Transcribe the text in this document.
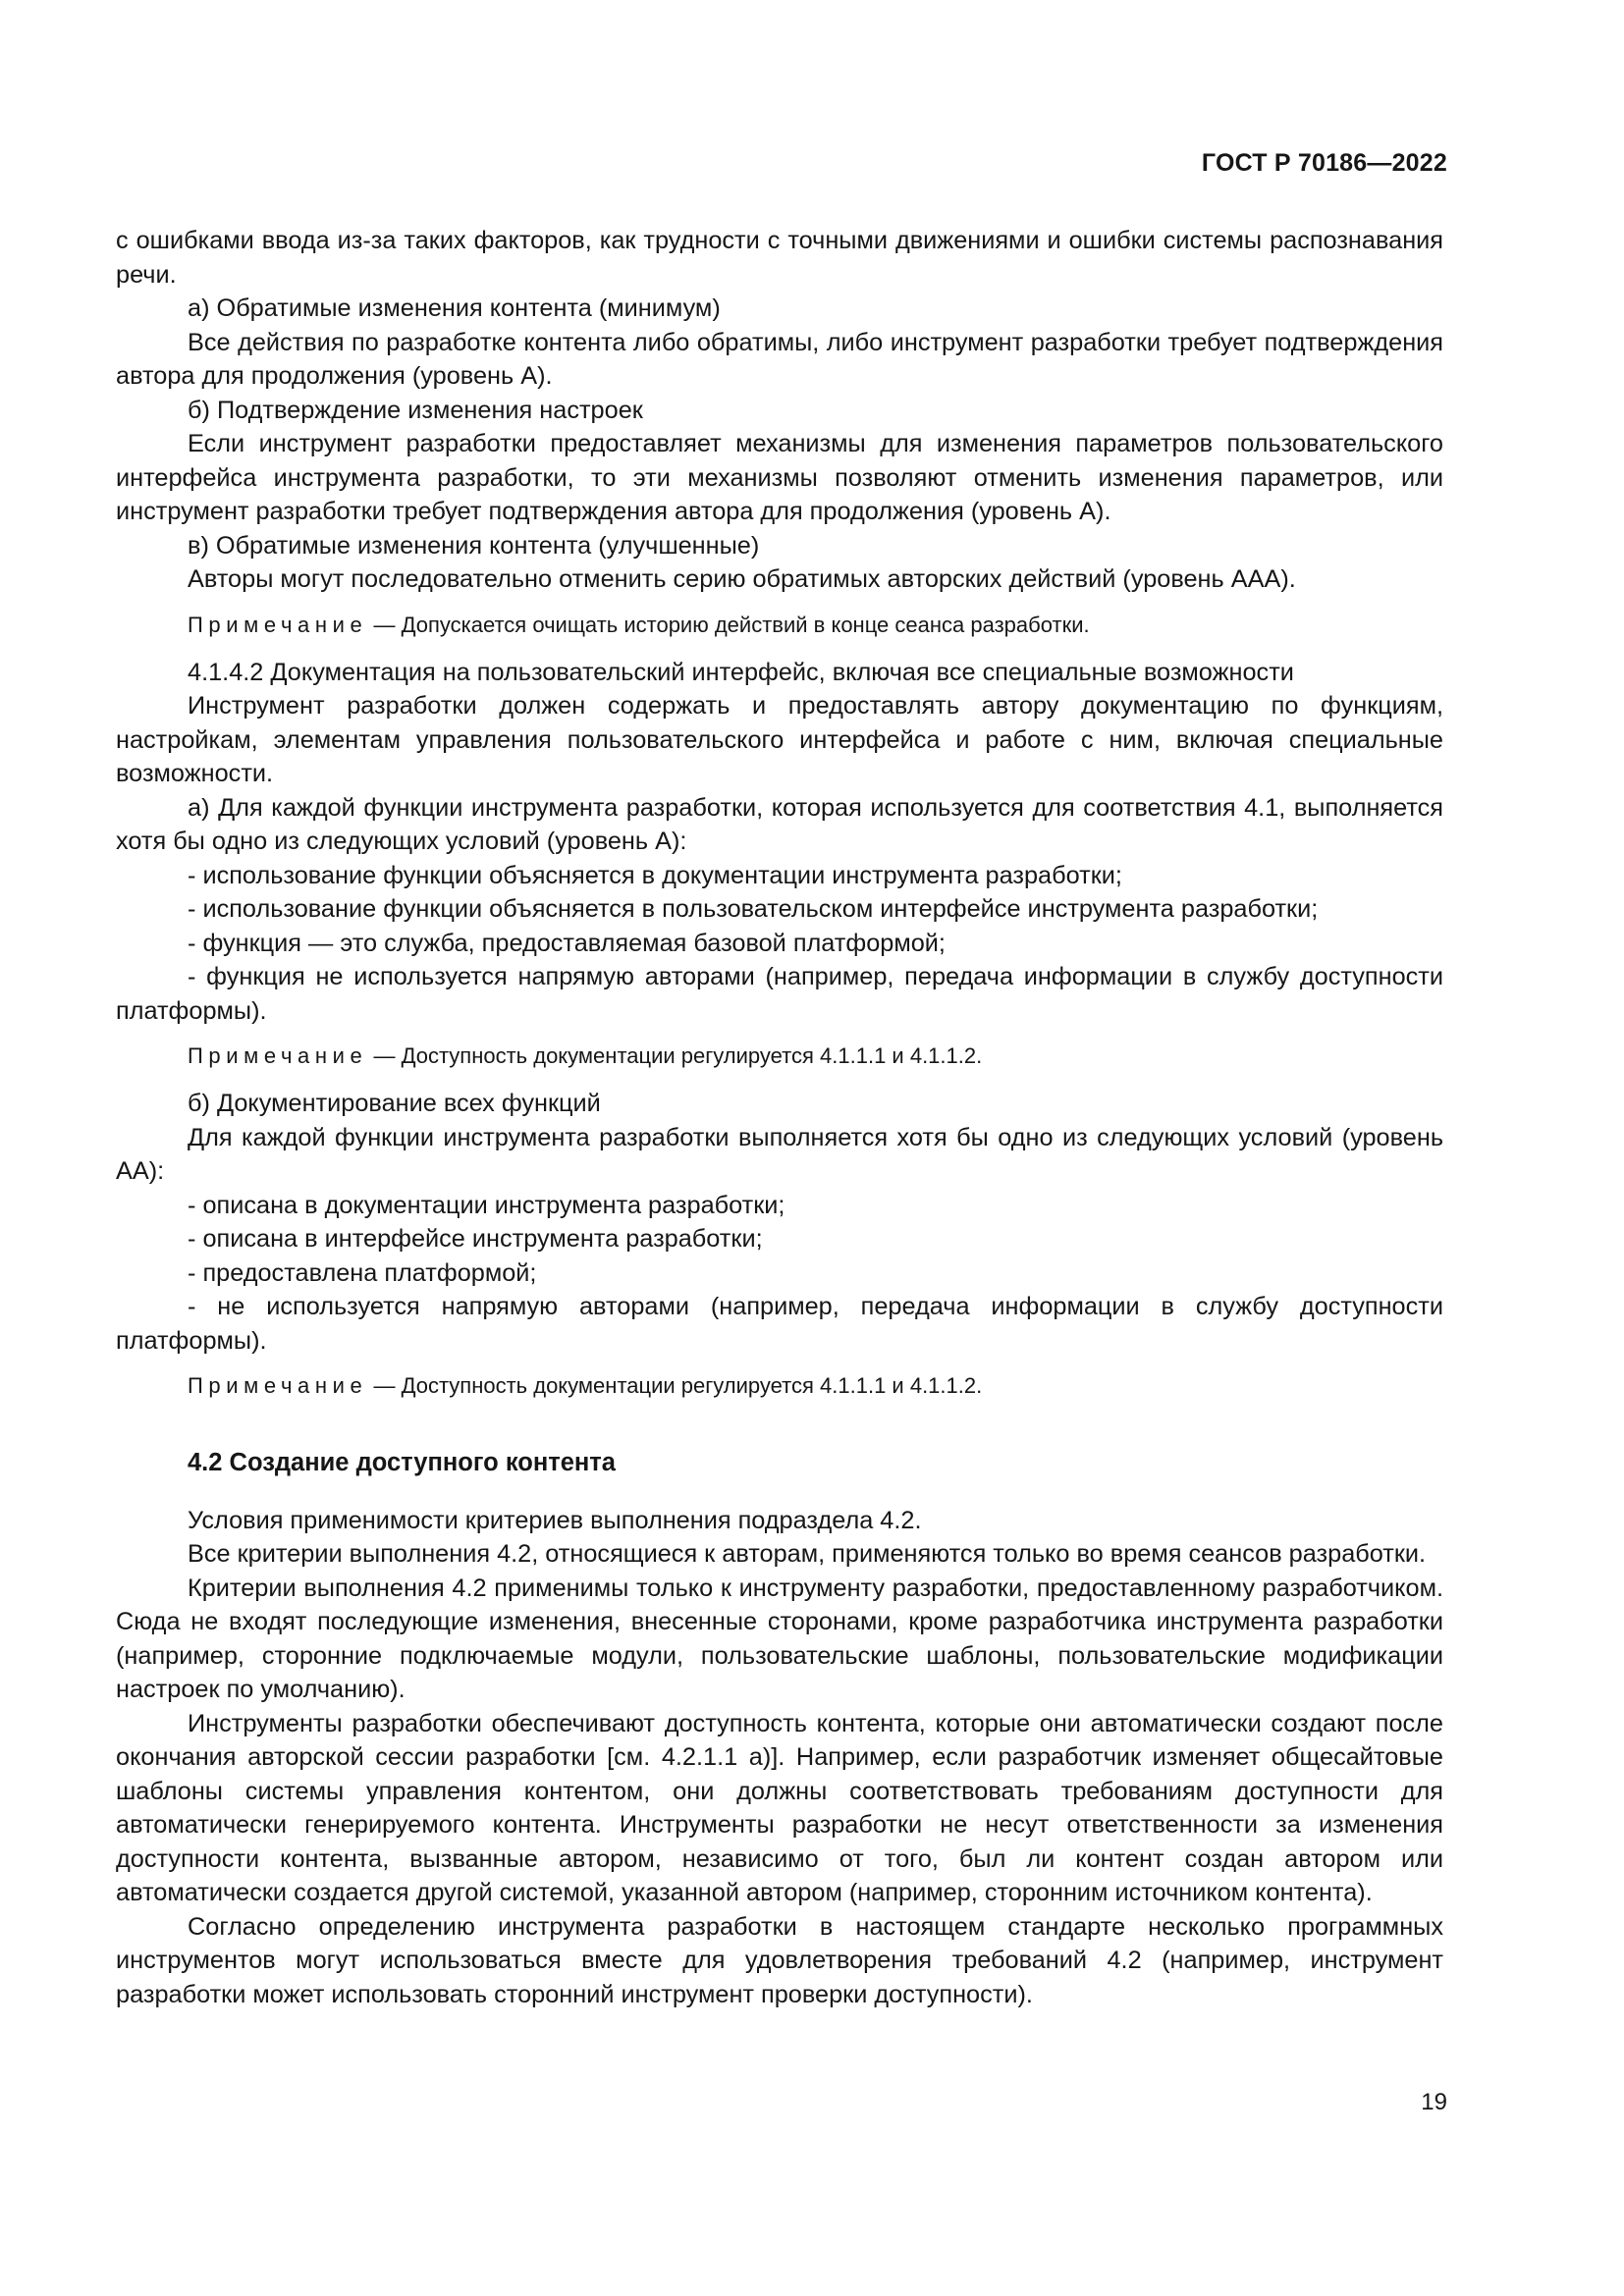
ГОСТ Р 70186—2022

с ошибками ввода из-за таких факторов, как трудности с точными движениями и ошибки системы распознавания речи.

а) Обратимые изменения контента (минимум)

Все действия по разработке контента либо обратимы, либо инструмент разработки требует подтверждения автора для продолжения (уровень А).

б) Подтверждение изменения настроек

Если инструмент разработки предоставляет механизмы для изменения параметров пользовательского интерфейса инструмента разработки, то эти механизмы позволяют отменить изменения параметров, или инструмент разработки требует подтверждения автора для продолжения (уровень А).

в) Обратимые изменения контента (улучшенные)

Авторы могут последовательно отменить серию обратимых авторских действий (уровень ААА).

Примечание — Допускается очищать историю действий в конце сеанса разработки.

4.1.4.2 Документация на пользовательский интерфейс, включая все специальные возможности

Инструмент разработки должен содержать и предоставлять автору документацию по функциям, настройкам, элементам управления пользовательского интерфейса и работе с ним, включая специальные возможности.

а) Для каждой функции инструмента разработки, которая используется для соответствия 4.1, выполняется хотя бы одно из следующих условий (уровень А):

- использование функции объясняется в документации инструмента разработки;

- использование функции объясняется в пользовательском интерфейсе инструмента разработки;

- функция — это служба, предоставляемая базовой платформой;

- функция не используется напрямую авторами (например, передача информации в службу доступности платформы).

Примечание — Доступность документации регулируется 4.1.1.1 и 4.1.1.2.

б) Документирование всех функций

Для каждой функции инструмента разработки выполняется хотя бы одно из следующих условий (уровень АА):

- описана в документации инструмента разработки;

- описана в интерфейсе инструмента разработки;

- предоставлена платформой;

- не используется напрямую авторами (например, передача информации в службу доступности платформы).

Примечание — Доступность документации регулируется 4.1.1.1 и 4.1.1.2.

4.2 Создание доступного контента

Условия применимости критериев выполнения подраздела 4.2.

Все критерии выполнения 4.2, относящиеся к авторам, применяются только во время сеансов разработки.

Критерии выполнения 4.2 применимы только к инструменту разработки, предоставленному разработчиком. Сюда не входят последующие изменения, внесенные сторонами, кроме разработчика инструмента разработки (например, сторонние подключаемые модули, пользовательские шаблоны, пользовательские модификации настроек по умолчанию).

Инструменты разработки обеспечивают доступность контента, которые они автоматически создают после окончания авторской сессии разработки [см. 4.2.1.1 а)]. Например, если разработчик изменяет общесайтовые шаблоны системы управления контентом, они должны соответствовать требованиям доступности для автоматически генерируемого контента. Инструменты разработки не несут ответственности за изменения доступности контента, вызванные автором, независимо от того, был ли контент создан автором или автоматически создается другой системой, указанной автором (например, сторонним источником контента).

Согласно определению инструмента разработки в настоящем стандарте несколько программных инструментов могут использоваться вместе для удовлетворения требований 4.2 (например, инструмент разработки может использовать сторонний инструмент проверки доступности).

19
